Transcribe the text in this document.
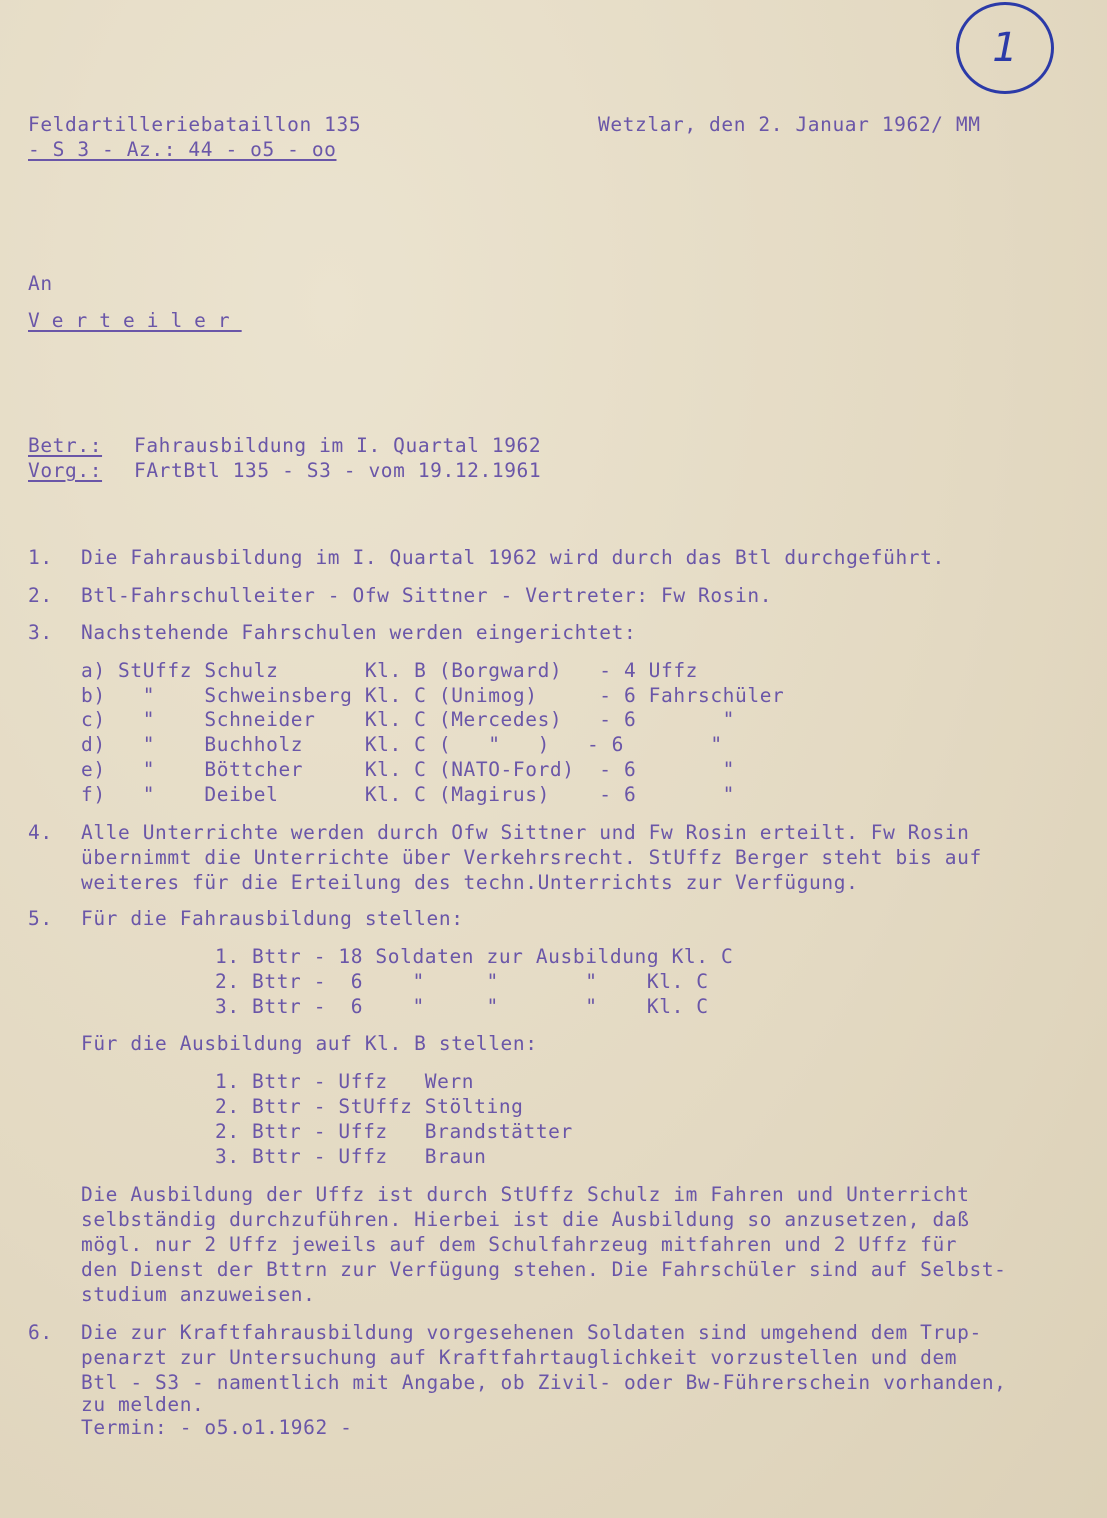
1
Feldartilleriebataillon 135
- S 3 - Az.: 44 - o5 - oo
Wetzlar, den 2. Januar 1962/ MM
An
Verteiler
Betr.: Fahrausbildung im I. Quartal 1962
Vorg.: FArtBtl 135 - S3 - vom 19.12.1961
1. Die Fahrausbildung im I. Quartal 1962 wird durch das Btl durchgeführt.
2. Btl-Fahrschulleiter - Ofw Sittner - Vertreter: Fw Rosin.
3. Nachstehende Fahrschulen werden eingerichtet:
a) StUffz Schulz       Kl. B (Borgward)   - 4 Uffz
b)   "    Schweinsberg Kl. C (Unimog)     - 6 Fahrschüler
c)   "    Schneider    Kl. C (Mercedes)   - 6       "
d)   "    Buchholz     Kl. C (   "   )   - 6       "
e)   "    Böttcher     Kl. C (NATO-Ford)  - 6       "
f)   "    Deibel       Kl. C (Magirus)    - 6       "
4. Alle Unterrichte werden durch Ofw Sittner und Fw Rosin erteilt. Fw Rosin
übernimmt die Unterrichte über Verkehrsrecht. StUffz Berger steht bis auf
weiteres für die Erteilung des techn.Unterrichts zur Verfügung.
5. Für die Fahrausbildung stellen:
1. Bttr - 18 Soldaten zur Ausbildung Kl. C
2. Bttr -  6    "     "       "    Kl. C
3. Bttr -  6    "     "       "    Kl. C
Für die Ausbildung auf Kl. B stellen:
1. Bttr - Uffz   Wern
2. Bttr - StUffz Stölting
2. Bttr - Uffz   Brandstätter
3. Bttr - Uffz   Braun
Die Ausbildung der Uffz ist durch StUffz Schulz im Fahren und Unterricht
selbständig durchzuführen. Hierbei ist die Ausbildung so anzusetzen, daß
mögl. nur 2 Uffz jeweils auf dem Schulfahrzeug mitfahren und 2 Uffz für
den Dienst der Bttrn zur Verfügung stehen. Die Fahrschüler sind auf Selbst-
studium anzuweisen.
6. Die zur Kraftfahrausbildung vorgesehenen Soldaten sind umgehend dem Trup-
penarzt zur Untersuchung auf Kraftfahrtauglichkeit vorzustellen und dem
Btl - S3 - namentlich mit Angabe, ob Zivil- oder Bw-Führerschein vorhanden,
zu melden.
Termin: - o5.o1.1962 -
